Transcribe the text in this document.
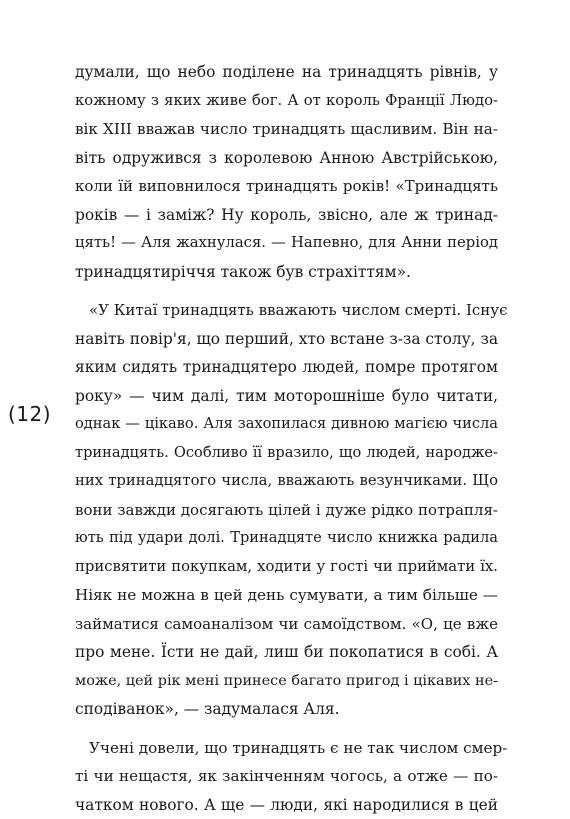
(12)
думали, що небо поділене на тринадцять рівнів, у
кожному з яких живе бог. А от король Франції Людо-
вік XIII вважав число тринадцять щасливим. Він на-
віть одружився з королевою Анною Австрійською,
коли їй виповнилося тринадцять років! «Тринадцять
років — і заміж? Ну король, звісно, але ж тринад-
цять! — Аля жахнулася. — Напевно, для Анни період
тринадцятиріччя також був страхіттям».
«У Китаї тринадцять вважають числом смерті. Існує
навіть повір'я, що перший, хто встане з-за столу, за
яким сидять тринадцятеро людей, помре протягом
року» — чим далі, тим моторошніше було читати,
однак — цікаво. Аля захопилася дивною магією числа
тринадцять. Особливо її вразило, що людей, народже-
них тринадцятого числа, вважають везунчиками. Що
вони завжди досягають цілей і дуже рідко потрапля-
ють під удари долі. Тринадцяте число книжка радила
присвятити покупкам, ходити у гості чи приймати їх.
Ніяк не можна в цей день сумувати, а тим більше —
займатися самоаналізом чи самоїдством. «О, це вже
про мене. Їсти не дай, лиш би покопатися в собі. А
може, цей рік мені принесе багато пригод і цікавих не-
сподіванок», — задумалася Аля.
Учені довели, що тринадцять є не так числом смер-
ті чи нещастя, як закінченням чогось, а отже — по-
чатком нового. А ще — люди, які народилися в цей
